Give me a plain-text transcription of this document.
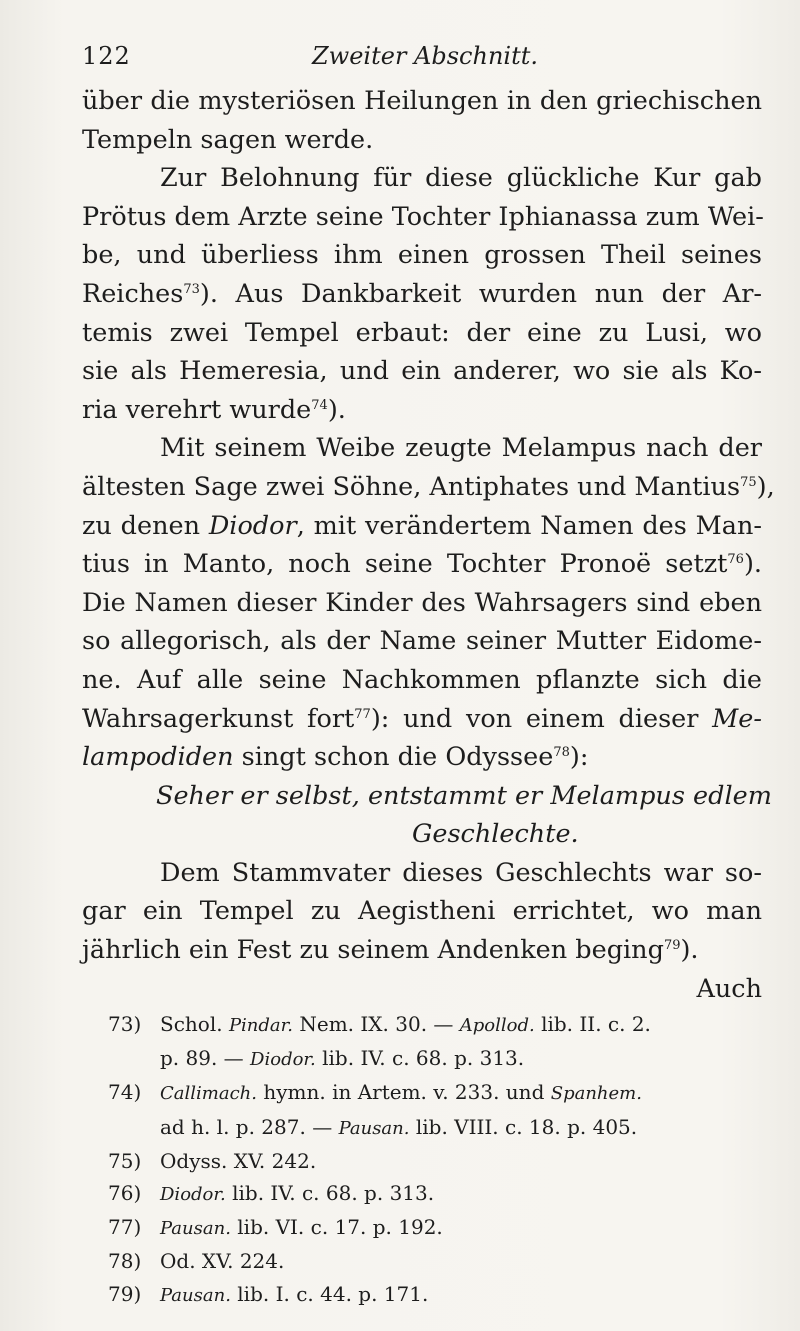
122	Zweiter Abschnitt.
über die mysteriösen Heilungen in den griechischen
Tempeln sagen werde.
Zur Belohnung für diese glückliche Kur gab
Prötus dem Arzte seine Tochter Iphianassa zum Wei-
be, und überliess ihm einen grossen Theil seines
Reiches$^{73}$). Aus Dankbarkeit wurden nun der Ar-
temis zwei Tempel erbaut: der eine zu Lusi, wo
sie als Hemeresia, und ein anderer, wo sie als Ko-
ria verehrt wurde$^{74}$).
Mit seinem Weibe zeugte Melampus nach der
ältesten Sage zwei Söhne, Antiphates und Mantius$^{75}$),
zu denen Diodor, mit verändertem Namen des Man-
tius in Manto, noch seine Tochter Pronoë setzt$^{76}$).
Die Namen dieser Kinder des Wahrsagers sind eben
so allegorisch, als der Name seiner Mutter Eidome-
ne. Auf alle seine Nachkommen pflanzte sich die
Wahrsagerkunst fort$^{77}$): und von einem dieser Me-
lampodiden singt schon die Odyssee$^{78}$):
Seher er selbst, entstammt er Melampus edlem
Geschlechte.
Dem Stammvater dieses Geschlechts war so-
gar ein Tempel zu Aegistheni errichtet, wo man
jährlich ein Fest zu seinem Andenken beging$^{79}$).
Auch
73) Schol. Pindar. Nem. IX. 30. — Apollod. lib. II. c. 2.
p. 89. — Diodor. lib. IV. c. 68. p. 313.
74) Callimach. hymn. in Artem. v. 233. und Spanhem.
ad h. l. p. 287. — Pausan. lib. VIII. c. 18. p. 405.
75) Odyss. XV. 242.
76) Diodor. lib. IV. c. 68. p. 313.
77) Pausan. lib. VI. c. 17. p. 192.
78) Od. XV. 224.
79) Pausan. lib. I. c. 44. p. 171.
